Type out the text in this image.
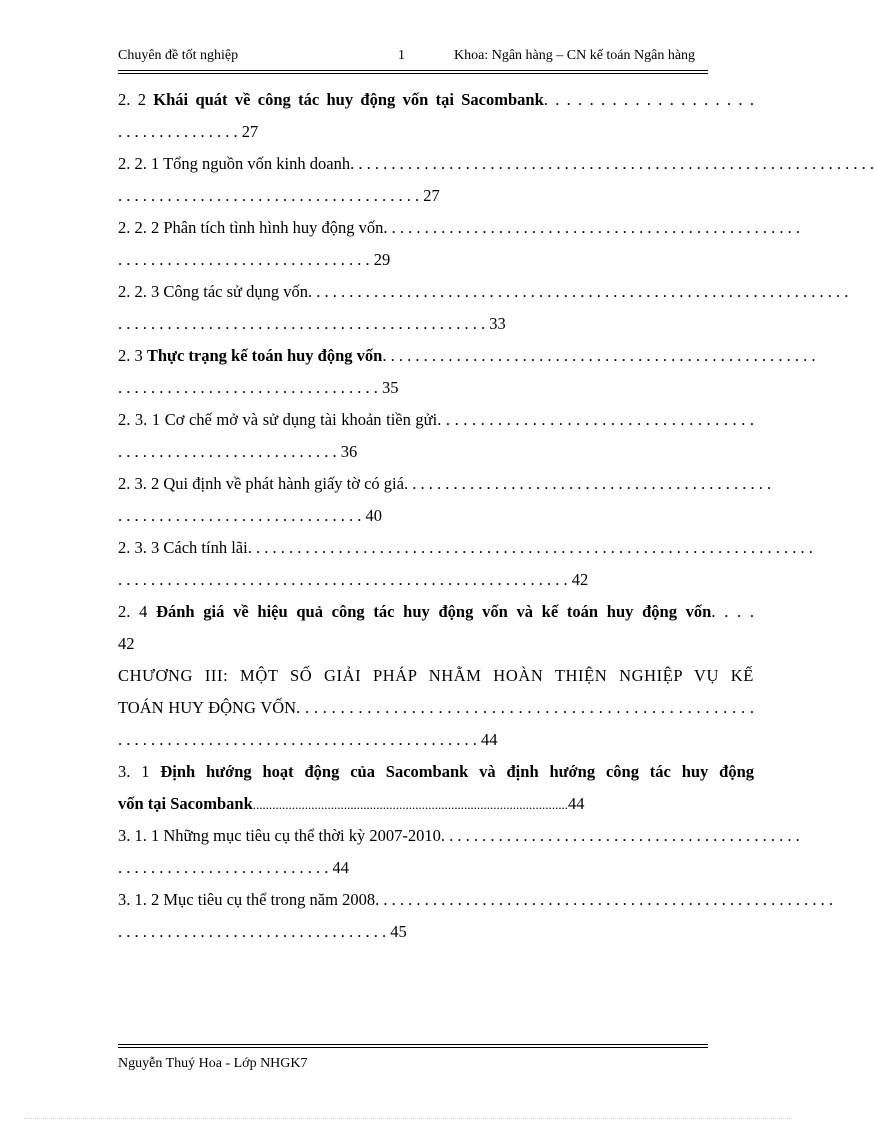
Chuyên đề tốt nghiệp	1	Khoa: Ngân hàng – CN kế toán Ngân hàng
2. 2 Khái quát về công tác huy động vốn tại Sacombank. . . . . . . . . . . . . . . . . . .
. . . . . . . . . . . . . . . 27
2. 2. 1 Tổng nguồn vốn kinh doanh. . . . . . . . . . . . . . . . . . . . . . . . . . . . . . . . . . . . . . . . . . . . . . . . . . . . . . . . . . . . . . . .
. . . . . . . . . . . . . . . . . . . . . . . . . . . . . . . . . . . . . 27
2. 2. 2 Phân tích tình hình huy động vốn. . . . . . . . . . . . . . . . . . . . . . . . . . . . . . . . . . . . . . . . . . . . . . . . . . .
. . . . . . . . . . . . . . . . . . . . . . . . . . . . . . . 29
2. 2. 3 Công tác sử dụng vốn. . . . . . . . . . . . . . . . . . . . . . . . . . . . . . . . . . . . . . . . . . . . . . . . . . . . . . . . . . . . . . . . . .
. . . . . . . . . . . . . . . . . . . . . . . . . . . . . . . . . . . . . . . . . . . . . 33
2. 3 Thực trạng kế toán huy động vốn. . . . . . . . . . . . . . . . . . . . . . . . . . . . . . . . . . . . . . . . . . . . . . . . . . . . .
. . . . . . . . . . . . . . . . . . . . . . . . . . . . . . . . 35
2. 3. 1 Cơ chế mở và sử dụng tài khoản tiền gửi. . . . . . . . . . . . . . . . . . . . . . . . . . . . . . . . . . . . .
. . . . . . . . . . . . . . . . . . . . . . . . . . . 36
2. 3. 2 Qui định về phát hành giấy tờ có giá. . . . . . . . . . . . . . . . . . . . . . . . . . . . . . . . . . . . . . . . . . . . .
. . . . . . . . . . . . . . . . . . . . . . . . . . . . . . 40
2. 3. 3 Cách tính lãi. . . . . . . . . . . . . . . . . . . . . . . . . . . . . . . . . . . . . . . . . . . . . . . . . . . . . . . . . . . . . . . . . . . . .
. . . . . . . . . . . . . . . . . . . . . . . . . . . . . . . . . . . . . . . . . . . . . . . . . . . . . . . 42
2. 4 Đánh giá về hiệu quả công tác huy động vốn và kế toán huy động vốn. . . .
42
CHƯƠNG III: MỘT SỐ GIẢI PHÁP NHẰM HOÀN THIỆN NGHIỆP VỤ KẾ
TOÁN HUY ĐỘNG VỐN. . . . . . . . . . . . . . . . . . . . . . . . . . . . . . . . . . . . . . . . . . . . . . . . . . . .
. . . . . . . . . . . . . . . . . . . . . . . . . . . . . . . . . . . . . . . . . . . . 44
3. 1 Định hướng hoạt động của Sacombank và định hướng công tác huy động
vốn tại Sacombank.................................................................................................44
3. 1. 1 Những mục tiêu cụ thể thời kỳ 2007-2010. . . . . . . . . . . . . . . . . . . . . . . . . . . . . . . . . . . . . . . . . . . .
. . . . . . . . . . . . . . . . . . . . . . . . . . 44
3. 1. 2 Mục tiêu cụ thể trong năm 2008. . . . . . . . . . . . . . . . . . . . . . . . . . . . . . . . . . . . . . . . . . . . . . . . . . . . . . . .
. . . . . . . . . . . . . . . . . . . . . . . . . . . . . . . . . 45
Nguyễn Thuý Hoa - Lớp NHGK7
